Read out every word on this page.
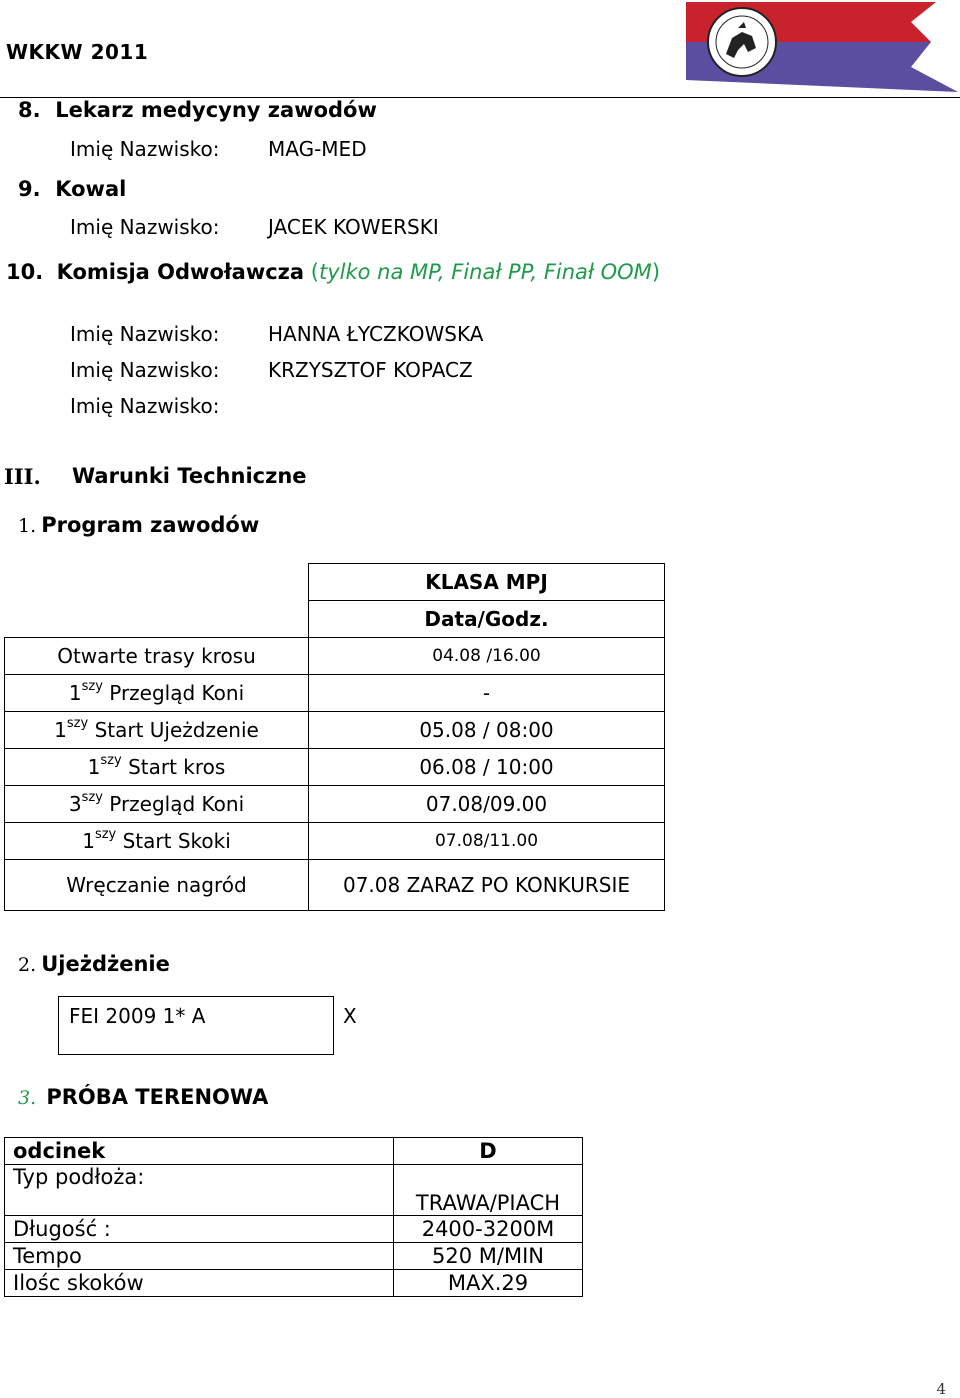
WKKW 2011
8. Lekarz medycyny zawodów
Imię Nazwisko: MAG-MED
9. Kowal
Imię Nazwisko: JACEK KOWERSKI
10. Komisja Odwoławcza (tylko na MP, Finał PP, Finał OOM)
Imię Nazwisko: HANNA ŁYCZKOWSKA
Imię Nazwisko: KRZYSZTOF KOPACZ
Imię Nazwisko:
III. Warunki Techniczne
1. Program zawodów
	KLASA MPJ
	Data/Godz.
Otwarte trasy krosu	04.08 /16.00
$1^{szy}$ Przegląd Koni	-
$1^{szy}$ Start Ujeżdzenie	05.08 / 08:00
$1^{szy}$ Start kros	06.08 / 10:00
$3^{szy}$ Przegląd Koni	07.08/09.00
$1^{szy}$ Start Skoki	07.08/11.00
Wręczanie nagród	07.08 ZARAZ PO KONKURSIE
2. Ujeżdżenie
FEI 2009 1* A	X
3. PRÓBA TERENOWA
odcinek	D
Typ podłoża:	TRAWA/PIACH
Długość :	2400-3200M
Tempo	520 M/MIN
Ilośc skoków	MAX.29
4
